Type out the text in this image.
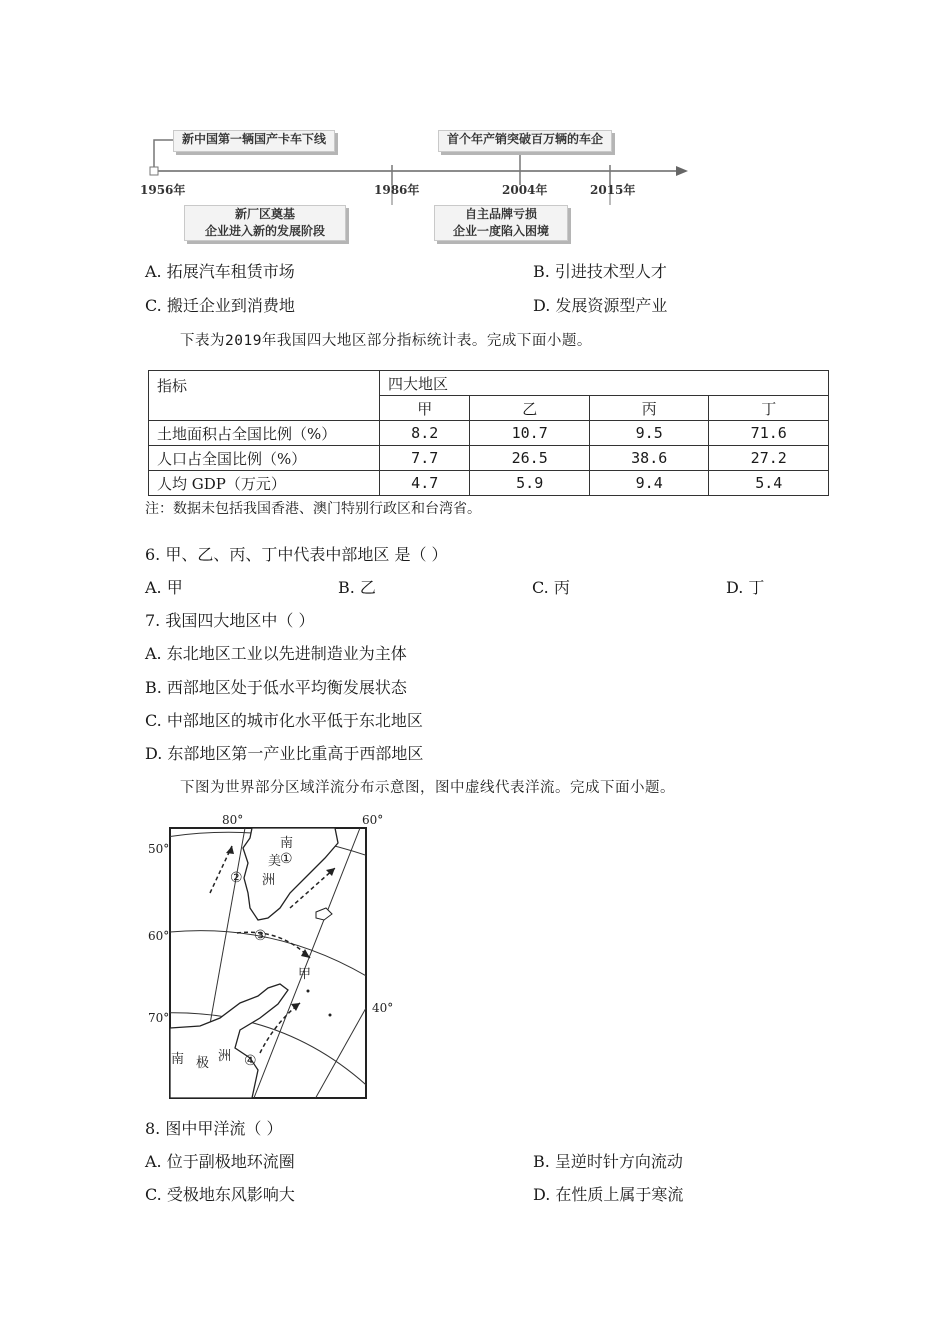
新中国第一辆国产卡车下线	首个年产销突破百万辆的车企
1956年	1986年	2004年	2015年
新厂区奠基
企业进入新的发展阶段
自主品牌亏损
企业一度陷入困境
A. 拓展汽车租赁市场	B. 引进技术型人才
C. 搬迁企业到消费地	D. 发展资源型产业
下表为2019年我国四大地区部分指标统计表。完成下面小题。
指标	四大地区			
	甲	乙	丙	丁
土地面积占全国比例（%）	8.2	10.7	9.5	71.6
人口占全国比例（%）	7.7	26.5	38.6	27.2
人均 GDP（万元）	4.7	5.9	9.4	5.4
注：数据未包括我国香港、澳门特别行政区和台湾省。
6. 甲、乙、丙、丁中代表中部地区 是（ ）
A. 甲	B. 乙	C. 丙	D. 丁
7. 我国四大地区中（ ）
A. 东北地区工业以先进制造业为主体
B. 西部地区处于低水平均衡发展状态
C. 中部地区的城市化水平低于东北地区
D. 东部地区第一产业比重高于西部地区
下图为世界部分区域洋流分布示意图，图中虚线代表洋流。完成下面小题。
80°	60°
40°
50°
60°
70°
南
美
洲
南 极 洲
①
②
③
④
甲
8. 图中甲洋流（ ）
A. 位于副极地环流圈	B. 呈逆时针方向流动
C. 受极地东风影响大	D. 在性质上属于寒流
